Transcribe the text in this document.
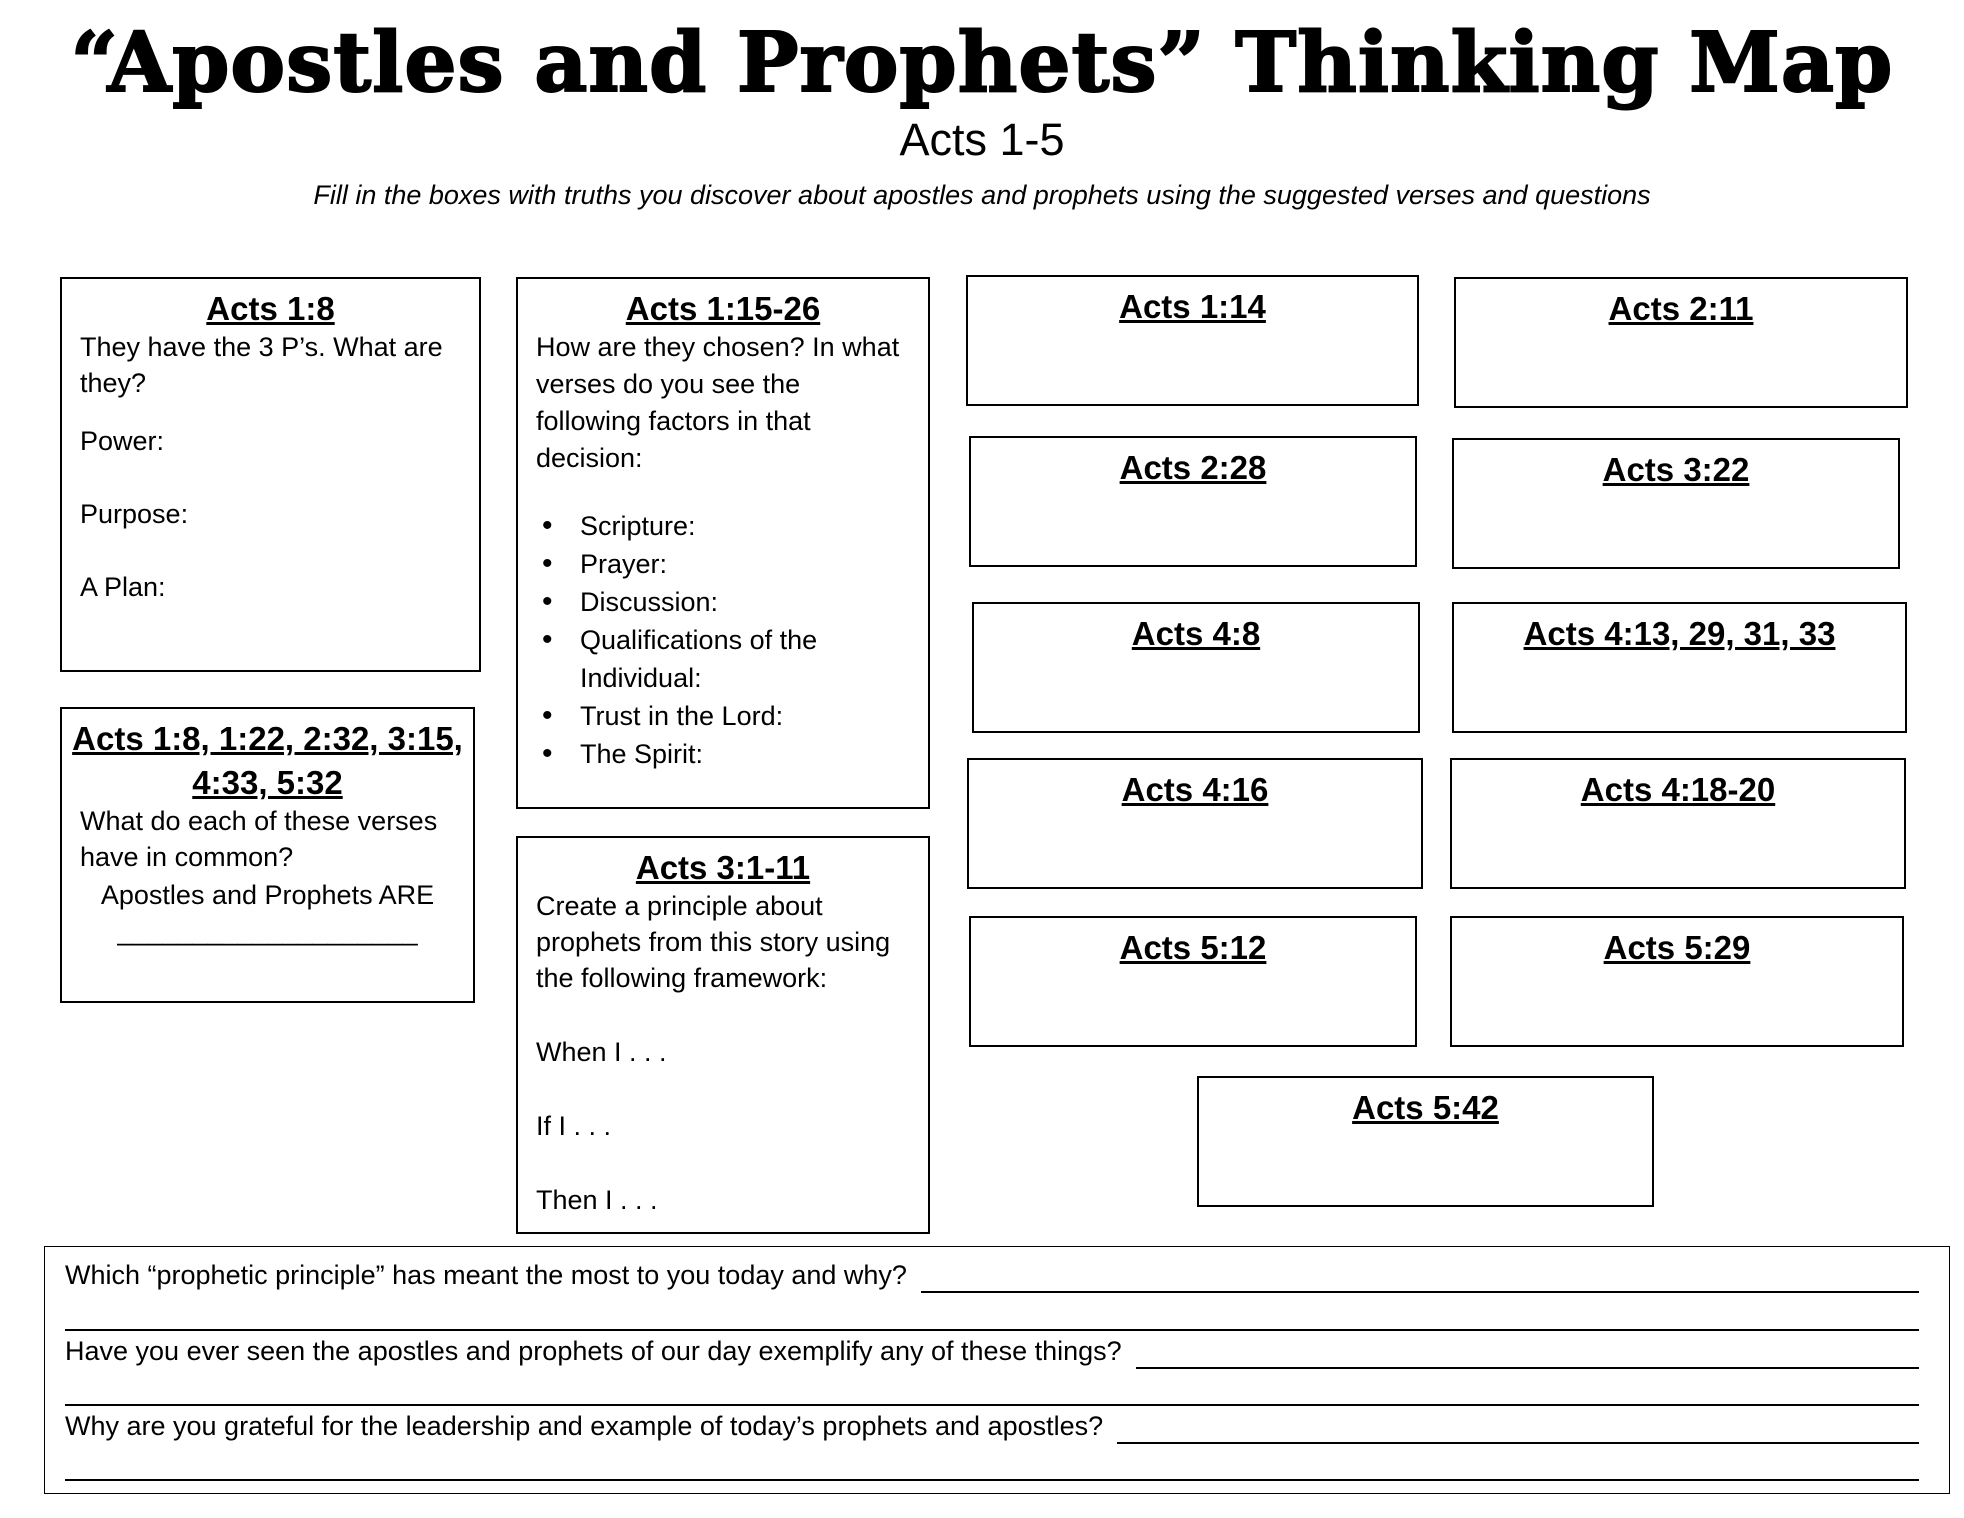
“Apostles and Prophets” Thinking Map
Acts 1-5
Fill in the boxes with truths you discover about apostles and prophets using the suggested verses and questions
Acts 1:8

They have the 3 P’s. What are they?

Power:

Purpose:

A Plan:

Acts 1:8, 1:22, 2:32, 3:15,
4:33, 5:32

What do each of these verses have in common?

Apostles and Prophets ARE

____________________

Acts 1:15-26

How are they chosen? In what verses do you see the following factors in that decision:

• Scripture:
• Prayer:
• Discussion:
• Qualifications of the Individual:
• Trust in the Lord:
• The Spirit:
Acts 3:1-11

Create a principle about prophets from this story using the following framework:

When I . . .

If I . . .

Then I . . .

Acts 1:14	Acts 2:11
Acts 2:28	Acts 3:22
Acts 4:8	Acts 4:13, 29, 31, 33
Acts 4:16	Acts 4:18-20
Acts 5:12	Acts 5:29
Acts 5:42
Which “prophetic principle” has meant the most to you today and why?
Have you ever seen the apostles and prophets of our day exemplify any of these things?
Why are you grateful for the leadership and example of today’s prophets and apostles?
